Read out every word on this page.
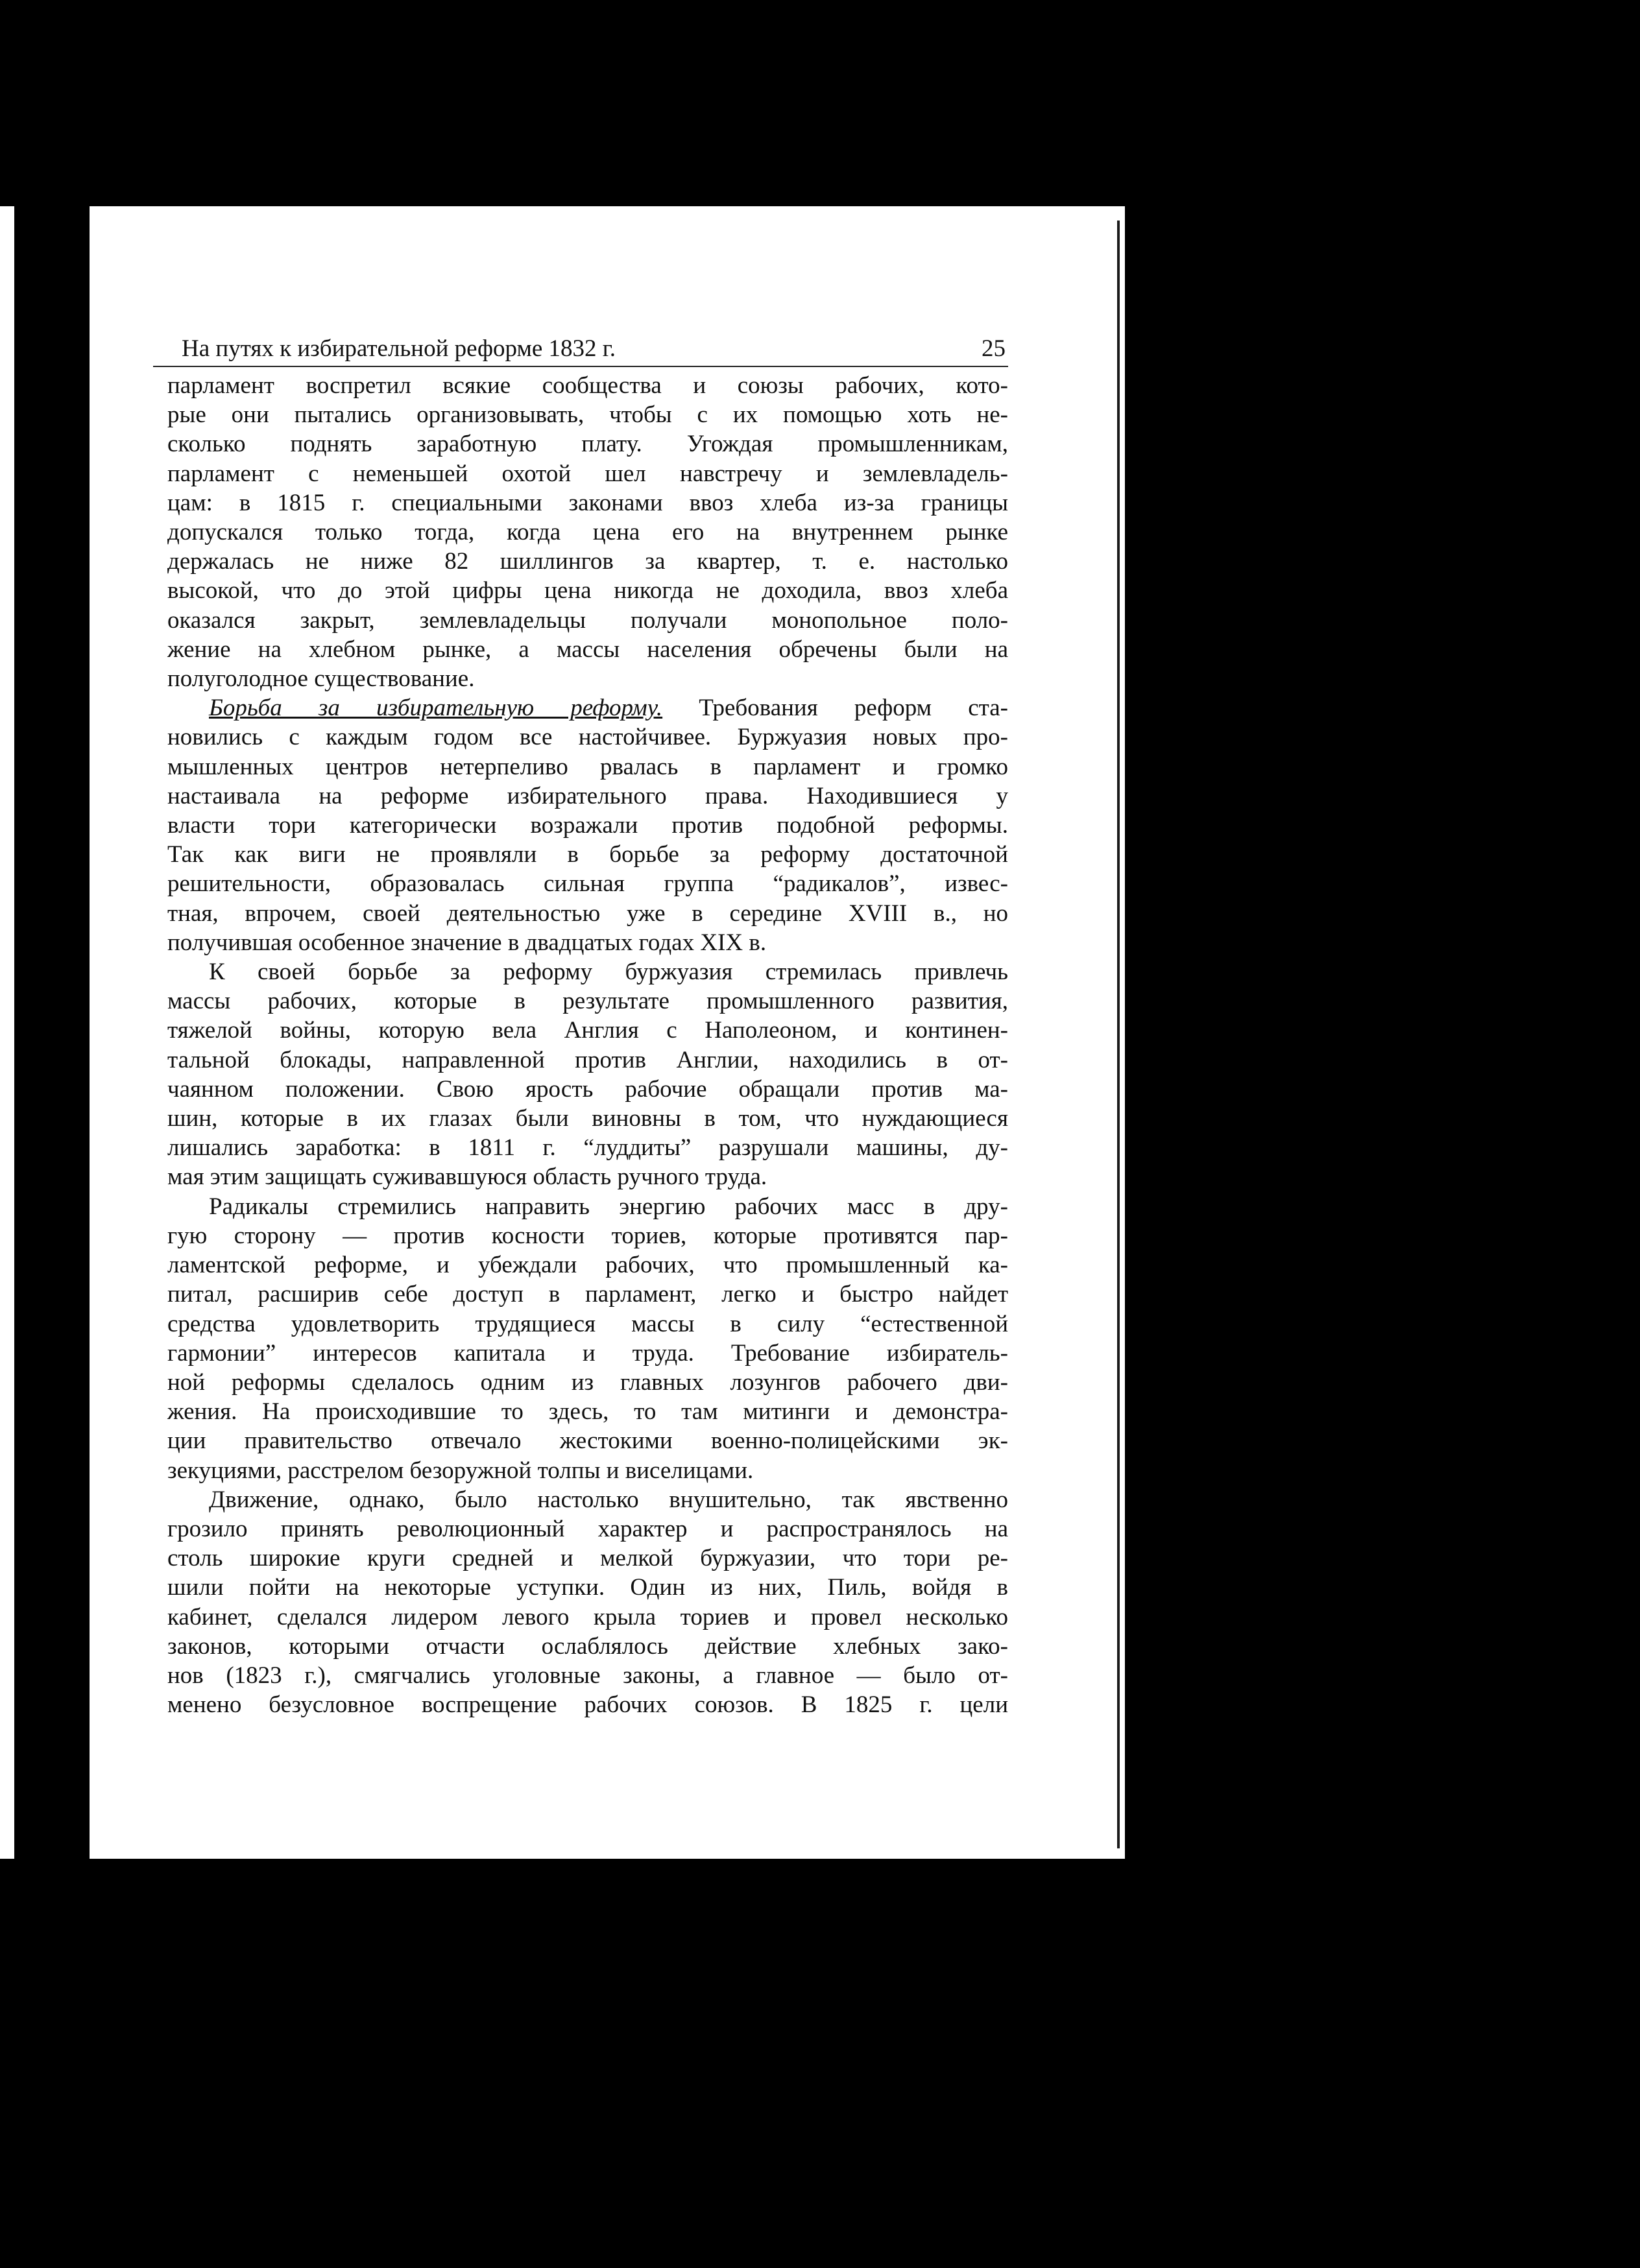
На путях к избирательной реформе 1832 г.	25
парламент воспретил всякие сообщества и союзы рабочих, кото-
рые они пытались организовывать, чтобы с их помощью хоть не-
сколько поднять заработную плату. Угождая промышленникам,
парламент с неменьшей охотой шел навстречу и землевладель-
цам: в 1815 г. специальными законами ввоз хлеба из-за границы
допускался только тогда, когда цена его на внутреннем рынке
держалась не ниже 82 шиллингов за квартер, т. е. настолько
высокой, что до этой цифры цена никогда не доходила, ввоз хлеба
оказался закрыт, землевладельцы получали монопольное поло-
жение на хлебном рынке, а массы населения обречены были на
полуголодное существование.
Борьба за избирательную реформу. Требования реформ ста-
новились с каждым годом все настойчивее. Буржуазия новых про-
мышленных центров нетерпеливо рвалась в парламент и громко
настаивала на реформе избирательного права. Находившиеся у
власти тори категорически возражали против подобной реформы.
Так как виги не проявляли в борьбе за реформу достаточной
решительности, образовалась сильная группа “радикалов”, извес-
тная, впрочем, своей деятельностью уже в середине XVIII в., но
получившая особенное значение в двадцатых годах XIX в.
К своей борьбе за реформу буржуазия стремилась привлечь
массы рабочих, которые в результате промышленного развития,
тяжелой войны, которую вела Англия с Наполеоном, и континен-
тальной блокады, направленной против Англии, находились в от-
чаянном положении. Свою ярость рабочие обращали против ма-
шин, которые в их глазах были виновны в том, что нуждающиеся
лишались заработка: в 1811 г. “луддиты” разрушали машины, ду-
мая этим защищать суживавшуюся область ручного труда.
Радикалы стремились направить энергию рабочих масс в дру-
гую сторону — против косности ториев, которые противятся пар-
ламентской реформе, и убеждали рабочих, что промышленный ка-
питал, расширив себе доступ в парламент, легко и быстро найдет
средства удовлетворить трудящиеся массы в силу “естественной
гармонии” интересов капитала и труда. Требование избиратель-
ной реформы сделалось одним из главных лозунгов рабочего дви-
жения. На происходившие то здесь, то там митинги и демонстра-
ции правительство отвечало жестокими военно-полицейскими эк-
зекуциями, расстрелом безоружной толпы и виселицами.
Движение, однако, было настолько внушительно, так явственно
грозило принять революционный характер и распространялось на
столь широкие круги средней и мелкой буржуазии, что тори ре-
шили пойти на некоторые уступки. Один из них, Пиль, войдя в
кабинет, сделался лидером левого крыла ториев и провел несколько
законов, которыми отчасти ослаблялось действие хлебных зако-
нов (1823 г.), смягчались уголовные законы, а главное — было от-
менено безусловное воспрещение рабочих союзов. В 1825 г. цели
